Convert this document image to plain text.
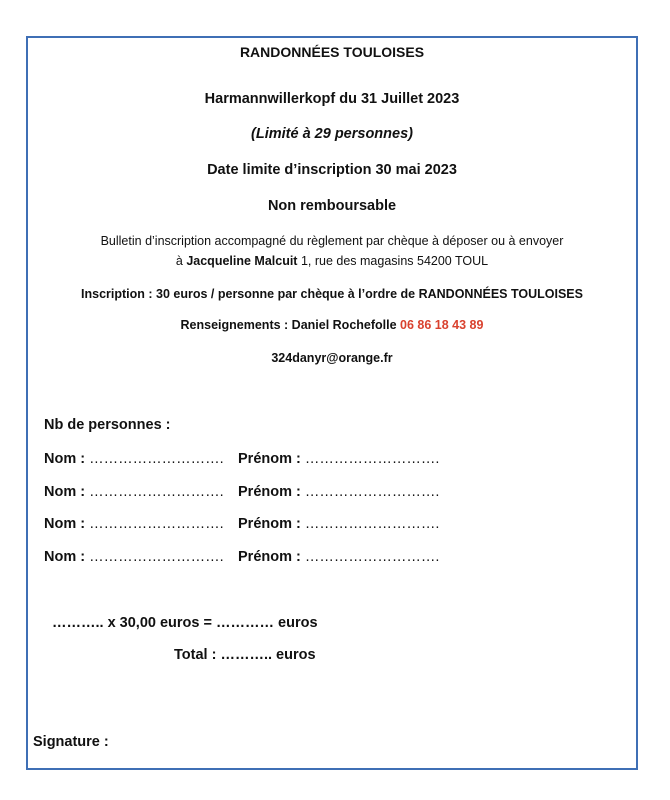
RANDONNÉES TOULOISES
Harmannwillerkopf du 31 Juillet 2023
(Limité à 29 personnes)
Date limite d’inscription 30 mai 2023
Non remboursable
Bulletin d’inscription accompagné du règlement par chèque à déposer ou à envoyer
à Jacqueline Malcuit 1, rue des magasins 54200 TOUL
Inscription : 30 euros / personne par chèque à l’ordre de RANDONNÉES TOULOISES
Renseignements : Daniel Rochefolle 06 86 18 43 89
324danyr@orange.fr
Nb de personnes :
Nom : ………………………. Prénom : ……………………….
Nom : ………………………. Prénom : ……………………….
Nom : ………………………. Prénom : ……………………….
Nom : ………………………. Prénom : ……………………….
……….. x 30,00 euros = ………… euros
Total : ……….. euros
Signature :
